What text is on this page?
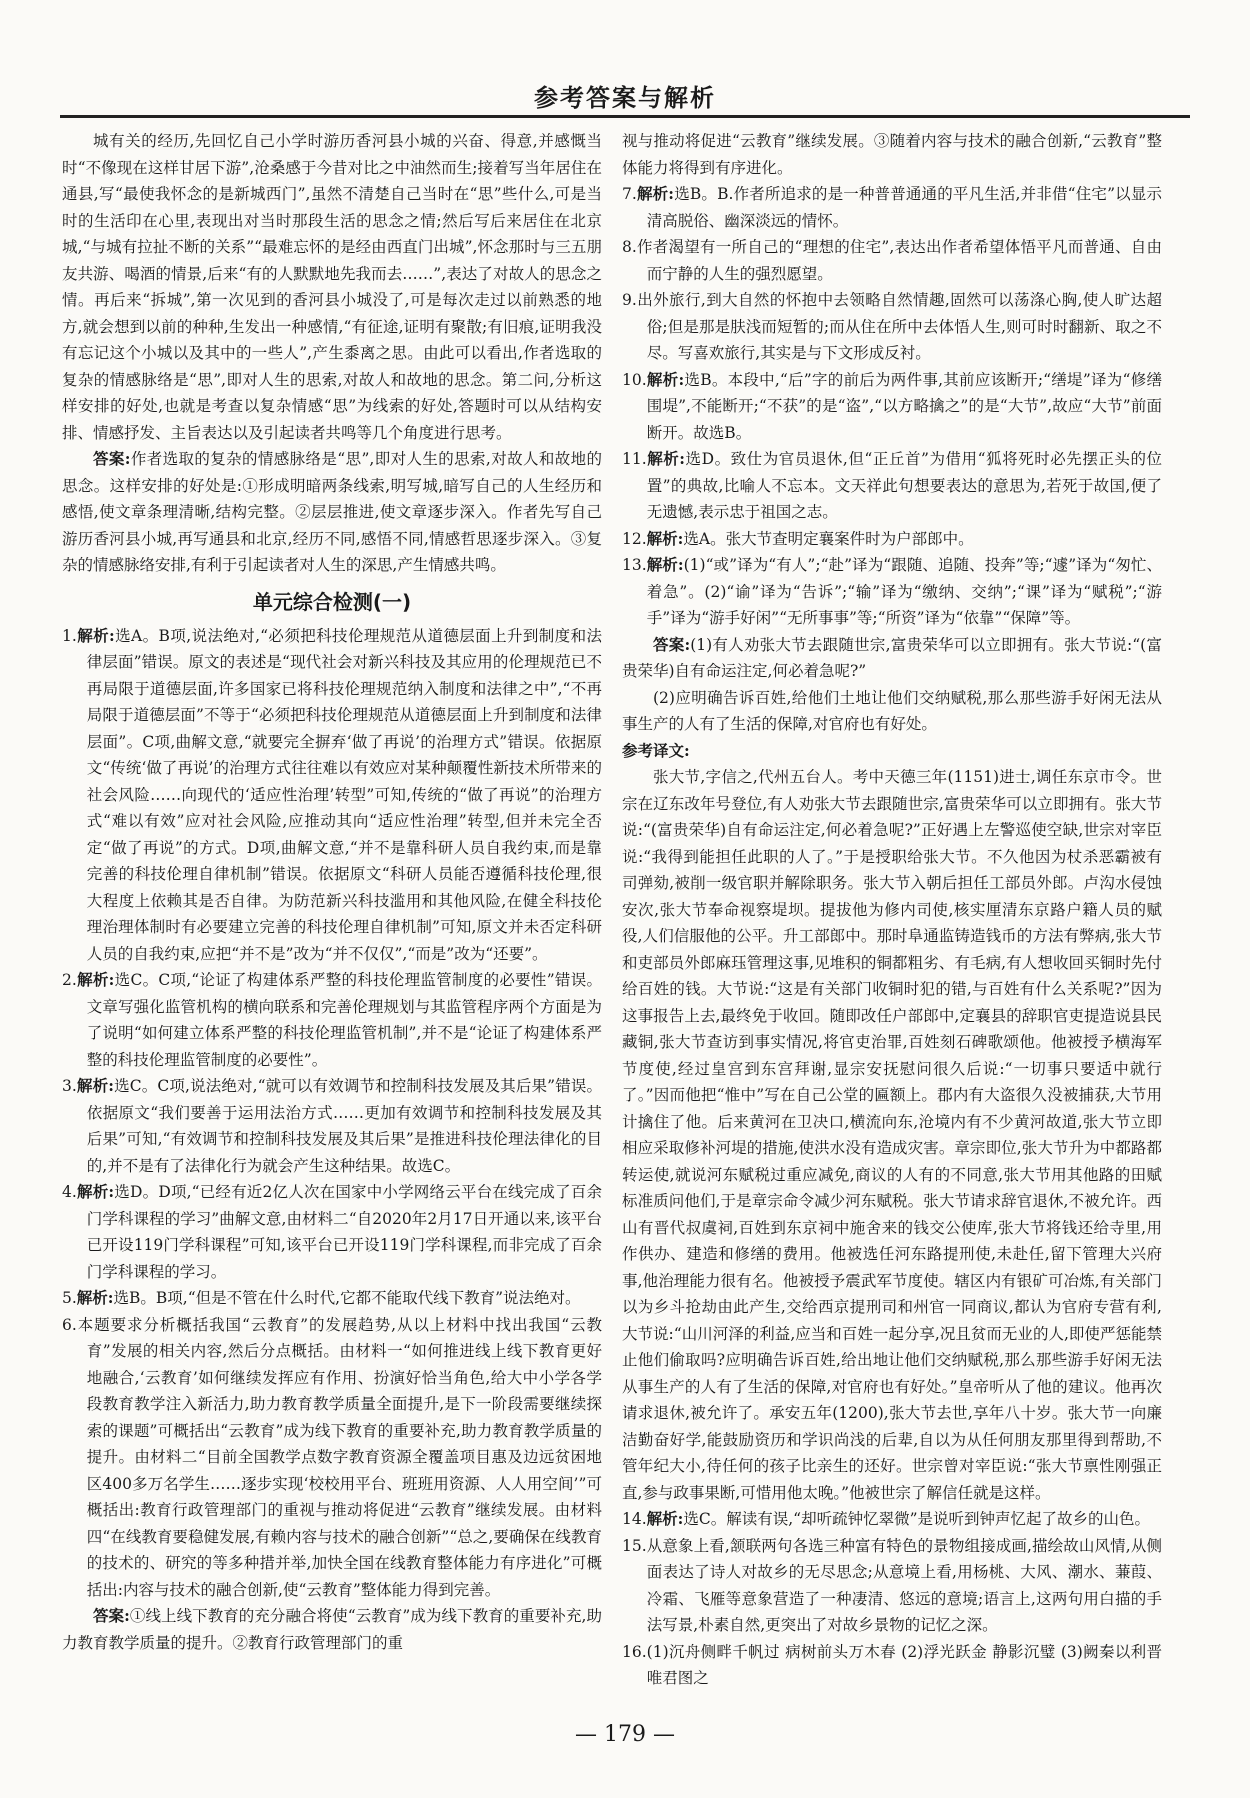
参考答案与解析

城有关的经历,先回忆自己小学时游历香河县小城的兴奋、得意,并感慨当时“不像现在这样甘居下游”,沧桑感于今昔对比之中油然而生;接着写当年居住在通县,写“最使我怀念的是新城西门”,虽然不清楚自己当时在“思”些什么,可是当时的生活印在心里,表现出对当时那段生活的思念之情;然后写后来居住在北京城,“与城有拉扯不断的关系”“最难忘怀的是经由西直门出城”,怀念那时与三五朋友共游、喝酒的情景,后来“有的人默默地先我而去……”,表达了对故人的思念之情。再后来“拆城”,第一次见到的香河县小城没了,可是每次走过以前熟悉的地方,就会想到以前的种种,生发出一种感情,“有征途,证明有聚散;有旧痕,证明我没有忘记这个小城以及其中的一些人”,产生黍离之思。由此可以看出,作者选取的复杂的情感脉络是“思”,即对人生的思索,对故人和故地的思念。第二问,分析这样安排的好处,也就是考查以复杂情感“思”为线索的好处,答题时可以从结构安排、情感抒发、主旨表达以及引起读者共鸣等几个角度进行思考。

答案:作者选取的复杂的情感脉络是“思”,即对人生的思索,对故人和故地的思念。这样安排的好处是:①形成明暗两条线索,明写城,暗写自己的人生经历和感悟,使文章条理清晰,结构完整。②层层推进,使文章逐步深入。作者先写自己游历香河县小城,再写通县和北京,经历不同,感悟不同,情感哲思逐步深入。③复杂的情感脉络安排,有利于引起读者对人生的深思,产生情感共鸣。

单元综合检测(一)

1.解析:选A。B项,说法绝对,“必须把科技伦理规范从道德层面上升到制度和法律层面”错误。原文的表述是“现代社会对新兴科技及其应用的伦理规范已不再局限于道德层面,许多国家已将科技伦理规范纳入制度和法律之中”,“不再局限于道德层面”不等于“必须把科技伦理规范从道德层面上升到制度和法律层面”。C项,曲解文意,“就要完全摒弃‘做了再说’的治理方式”错误。依据原文“传统‘做了再说’的治理方式往往难以有效应对某种颠覆性新技术所带来的社会风险……向现代的‘适应性治理’转型”可知,传统的“做了再说”的治理方式“难以有效”应对社会风险,应推动其向“适应性治理”转型,但并未完全否定“做了再说”的方式。D项,曲解文意,“并不是靠科研人员自我约束,而是靠完善的科技伦理自律机制”错误。依据原文“科研人员能否遵循科技伦理,很大程度上依赖其是否自律。为防范新兴科技滥用和其他风险,在健全科技伦理治理体制时有必要建立完善的科技伦理自律机制”可知,原文并未否定科研人员的自我约束,应把“并不是”改为“并不仅仅”,“而是”改为“还要”。

2.解析:选C。C项,“论证了构建体系严整的科技伦理监管制度的必要性”错误。文章写强化监管机构的横向联系和完善伦理规划与其监管程序两个方面是为了说明“如何建立体系严整的科技伦理监管机制”,并不是“论证了构建体系严整的科技伦理监管制度的必要性”。

3.解析:选C。C项,说法绝对,“就可以有效调节和控制科技发展及其后果”错误。依据原文“我们要善于运用法治方式……更加有效调节和控制科技发展及其后果”可知,“有效调节和控制科技发展及其后果”是推进科技伦理法律化的目的,并不是有了法律化行为就会产生这种结果。故选C。

4.解析:选D。D项,“已经有近2亿人次在国家中小学网络云平台在线完成了百余门学科课程的学习”曲解文意,由材料二“自2020年2月17日开通以来,该平台已开设119门学科课程”可知,该平台已开设119门学科课程,而非完成了百余门学科课程的学习。

5.解析:选B。B项,“但是不管在什么时代,它都不能取代线下教育”说法绝对。

6.本题要求分析概括我国“云教育”的发展趋势,从以上材料中找出我国“云教育”发展的相关内容,然后分点概括。由材料一“如何推进线上线下教育更好地融合,‘云教育’如何继续发挥应有作用、扮演好恰当角色,给大中小学各学段教育教学注入新活力,助力教育教学质量全面提升,是下一阶段需要继续探索的课题”可概括出“云教育”成为线下教育的重要补充,助力教育教学质量的提升。由材料二“目前全国教学点数字教育资源全覆盖项目惠及边远贫困地区400多万名学生……逐步实现‘校校用平台、班班用资源、人人用空间’”可概括出:教育行政管理部门的重视与推动将促进“云教育”继续发展。由材料四“在线教育要稳健发展,有赖内容与技术的融合创新”“总之,要确保在线教育的技术的、研究的等多种措并举,加快全国在线教育整体能力有序进化”可概括出:内容与技术的融合创新,使“云教育”整体能力得到完善。

答案:①线上线下教育的充分融合将使“云教育”成为线下教育的重要补充,助力教育教学质量的提升。②教育行政管理部门的重

视与推动将促进“云教育”继续发展。③随着内容与技术的融合创新,“云教育”整体能力将得到有序进化。

7.解析:选B。B.作者所追求的是一种普普通通的平凡生活,并非借“住宅”以显示清高脱俗、幽深淡远的情怀。

8.作者渴望有一所自己的“理想的住宅”,表达出作者希望体悟平凡而普通、自由而宁静的人生的强烈愿望。

9.出外旅行,到大自然的怀抱中去领略自然情趣,固然可以荡涤心胸,使人旷达超俗;但是那是肤浅而短暂的;而从住在所中去体悟人生,则可时时翻新、取之不尽。写喜欢旅行,其实是与下文形成反衬。

10.解析:选B。本段中,“后”字的前后为两件事,其前应该断开;“缮堤”译为“修缮围堤”,不能断开;“不获”的是“盗”,“以方略擒之”的是“大节”,故应“大节”前面断开。故选B。

11.解析:选D。致仕为官员退休,但“正丘首”为借用“狐将死时必先摆正头的位置”的典故,比喻人不忘本。文天祥此句想要表达的意思为,若死于故国,便了无遗憾,表示忠于祖国之志。

12.解析:选A。张大节查明定襄案件时为户部郎中。

13.解析:(1)“或”译为“有人”;“赴”译为“跟随、追随、投奔”等;“遽”译为“匆忙、着急”。(2)“谕”译为“告诉”;“输”译为“缴纳、交纳”;“课”译为“赋税”;“游手”译为“游手好闲”“无所事事”等;“所资”译为“依靠”“保障”等。

答案:(1)有人劝张大节去跟随世宗,富贵荣华可以立即拥有。张大节说:“(富贵荣华)自有命运注定,何必着急呢?”

(2)应明确告诉百姓,给他们土地让他们交纳赋税,那么那些游手好闲无法从事生产的人有了生活的保障,对官府也有好处。

参考译文:

张大节,字信之,代州五台人。考中天德三年(1151)进士,调任东京市令。世宗在辽东改年号登位,有人劝张大节去跟随世宗,富贵荣华可以立即拥有。张大节说:“(富贵荣华)自有命运注定,何必着急呢?”正好遇上左警巡使空缺,世宗对宰臣说:“我得到能担任此职的人了。”于是授职给张大节。不久他因为杖杀恶霸被有司弹劾,被削一级官职并解除职务。张大节入朝后担任工部员外郎。卢沟水侵蚀安次,张大节奉命视察堤坝。提拔他为修内司使,核实厘清东京路户籍人员的赋役,人们信服他的公平。升工部郎中。那时阜通监铸造钱币的方法有弊病,张大节和吏部员外郎麻珏管理这事,见堆积的铜都粗劣、有毛病,有人想收回买铜时先付给百姓的钱。大节说:“这是有关部门收铜时犯的错,与百姓有什么关系呢?”因为这事报告上去,最终免于收回。随即改任户部郎中,定襄县的辞职官吏提造说县民藏铜,张大节查访到事实情况,将官吏治罪,百姓刻石碑歌颂他。他被授予横海军节度使,经过皇宫到东宫拜谢,显宗安抚慰问很久后说:“一切事只要适中就行了。”因而他把“惟中”写在自己公堂的匾额上。郡内有大盗很久没被捕获,大节用计擒住了他。后来黄河在卫决口,横流向东,沧境内有不少黄河故道,张大节立即相应采取修补河堤的措施,使洪水没有造成灾害。章宗即位,张大节升为中都路都转运使,就说河东赋税过重应减免,商议的人有的不同意,张大节用其他路的田赋标准质问他们,于是章宗命令减少河东赋税。张大节请求辞官退休,不被允许。西山有晋代叔虞祠,百姓到东京祠中施舍来的钱交公使库,张大节将钱还给寺里,用作供办、建造和修缮的费用。他被选任河东路提刑使,未赴任,留下管理大兴府事,他治理能力很有名。他被授予震武军节度使。辖区内有银矿可冶炼,有关部门以为乡斗抢劫由此产生,交给西京提刑司和州官一同商议,都认为官府专营有利,大节说:“山川河泽的利益,应当和百姓一起分享,况且贫而无业的人,即使严惩能禁止他们偷取吗?应明确告诉百姓,给出地让他们交纳赋税,那么那些游手好闲无法从事生产的人有了生活的保障,对官府也有好处。”皇帝听从了他的建议。他再次请求退休,被允许了。承安五年(1200),张大节去世,享年八十岁。张大节一向廉洁勤奋好学,能鼓励资历和学识尚浅的后辈,自以为从任何朋友那里得到帮助,不管年纪大小,待任何的孩子比亲生的还好。世宗曾对宰臣说:“张大节禀性刚强正直,参与政事果断,可惜用他太晚。”他被世宗了解信任就是这样。

14.解析:选C。解读有误,“却听疏钟忆翠微”是说听到钟声忆起了故乡的山色。

15.从意象上看,颔联两句各选三种富有特色的景物组接成画,描绘故山风情,从侧面表达了诗人对故乡的无尽思念;从意境上看,用杨桃、大风、潮水、蒹葭、冷霜、飞雁等意象营造了一种凄清、悠远的意境;语言上,这两句用白描的手法写景,朴素自然,更突出了对故乡景物的记忆之深。

16.(1)沉舟侧畔千帆过 病树前头万木春 (2)浮光跃金 静影沉璧 (3)阙秦以利晋 唯君图之

— 179 —
